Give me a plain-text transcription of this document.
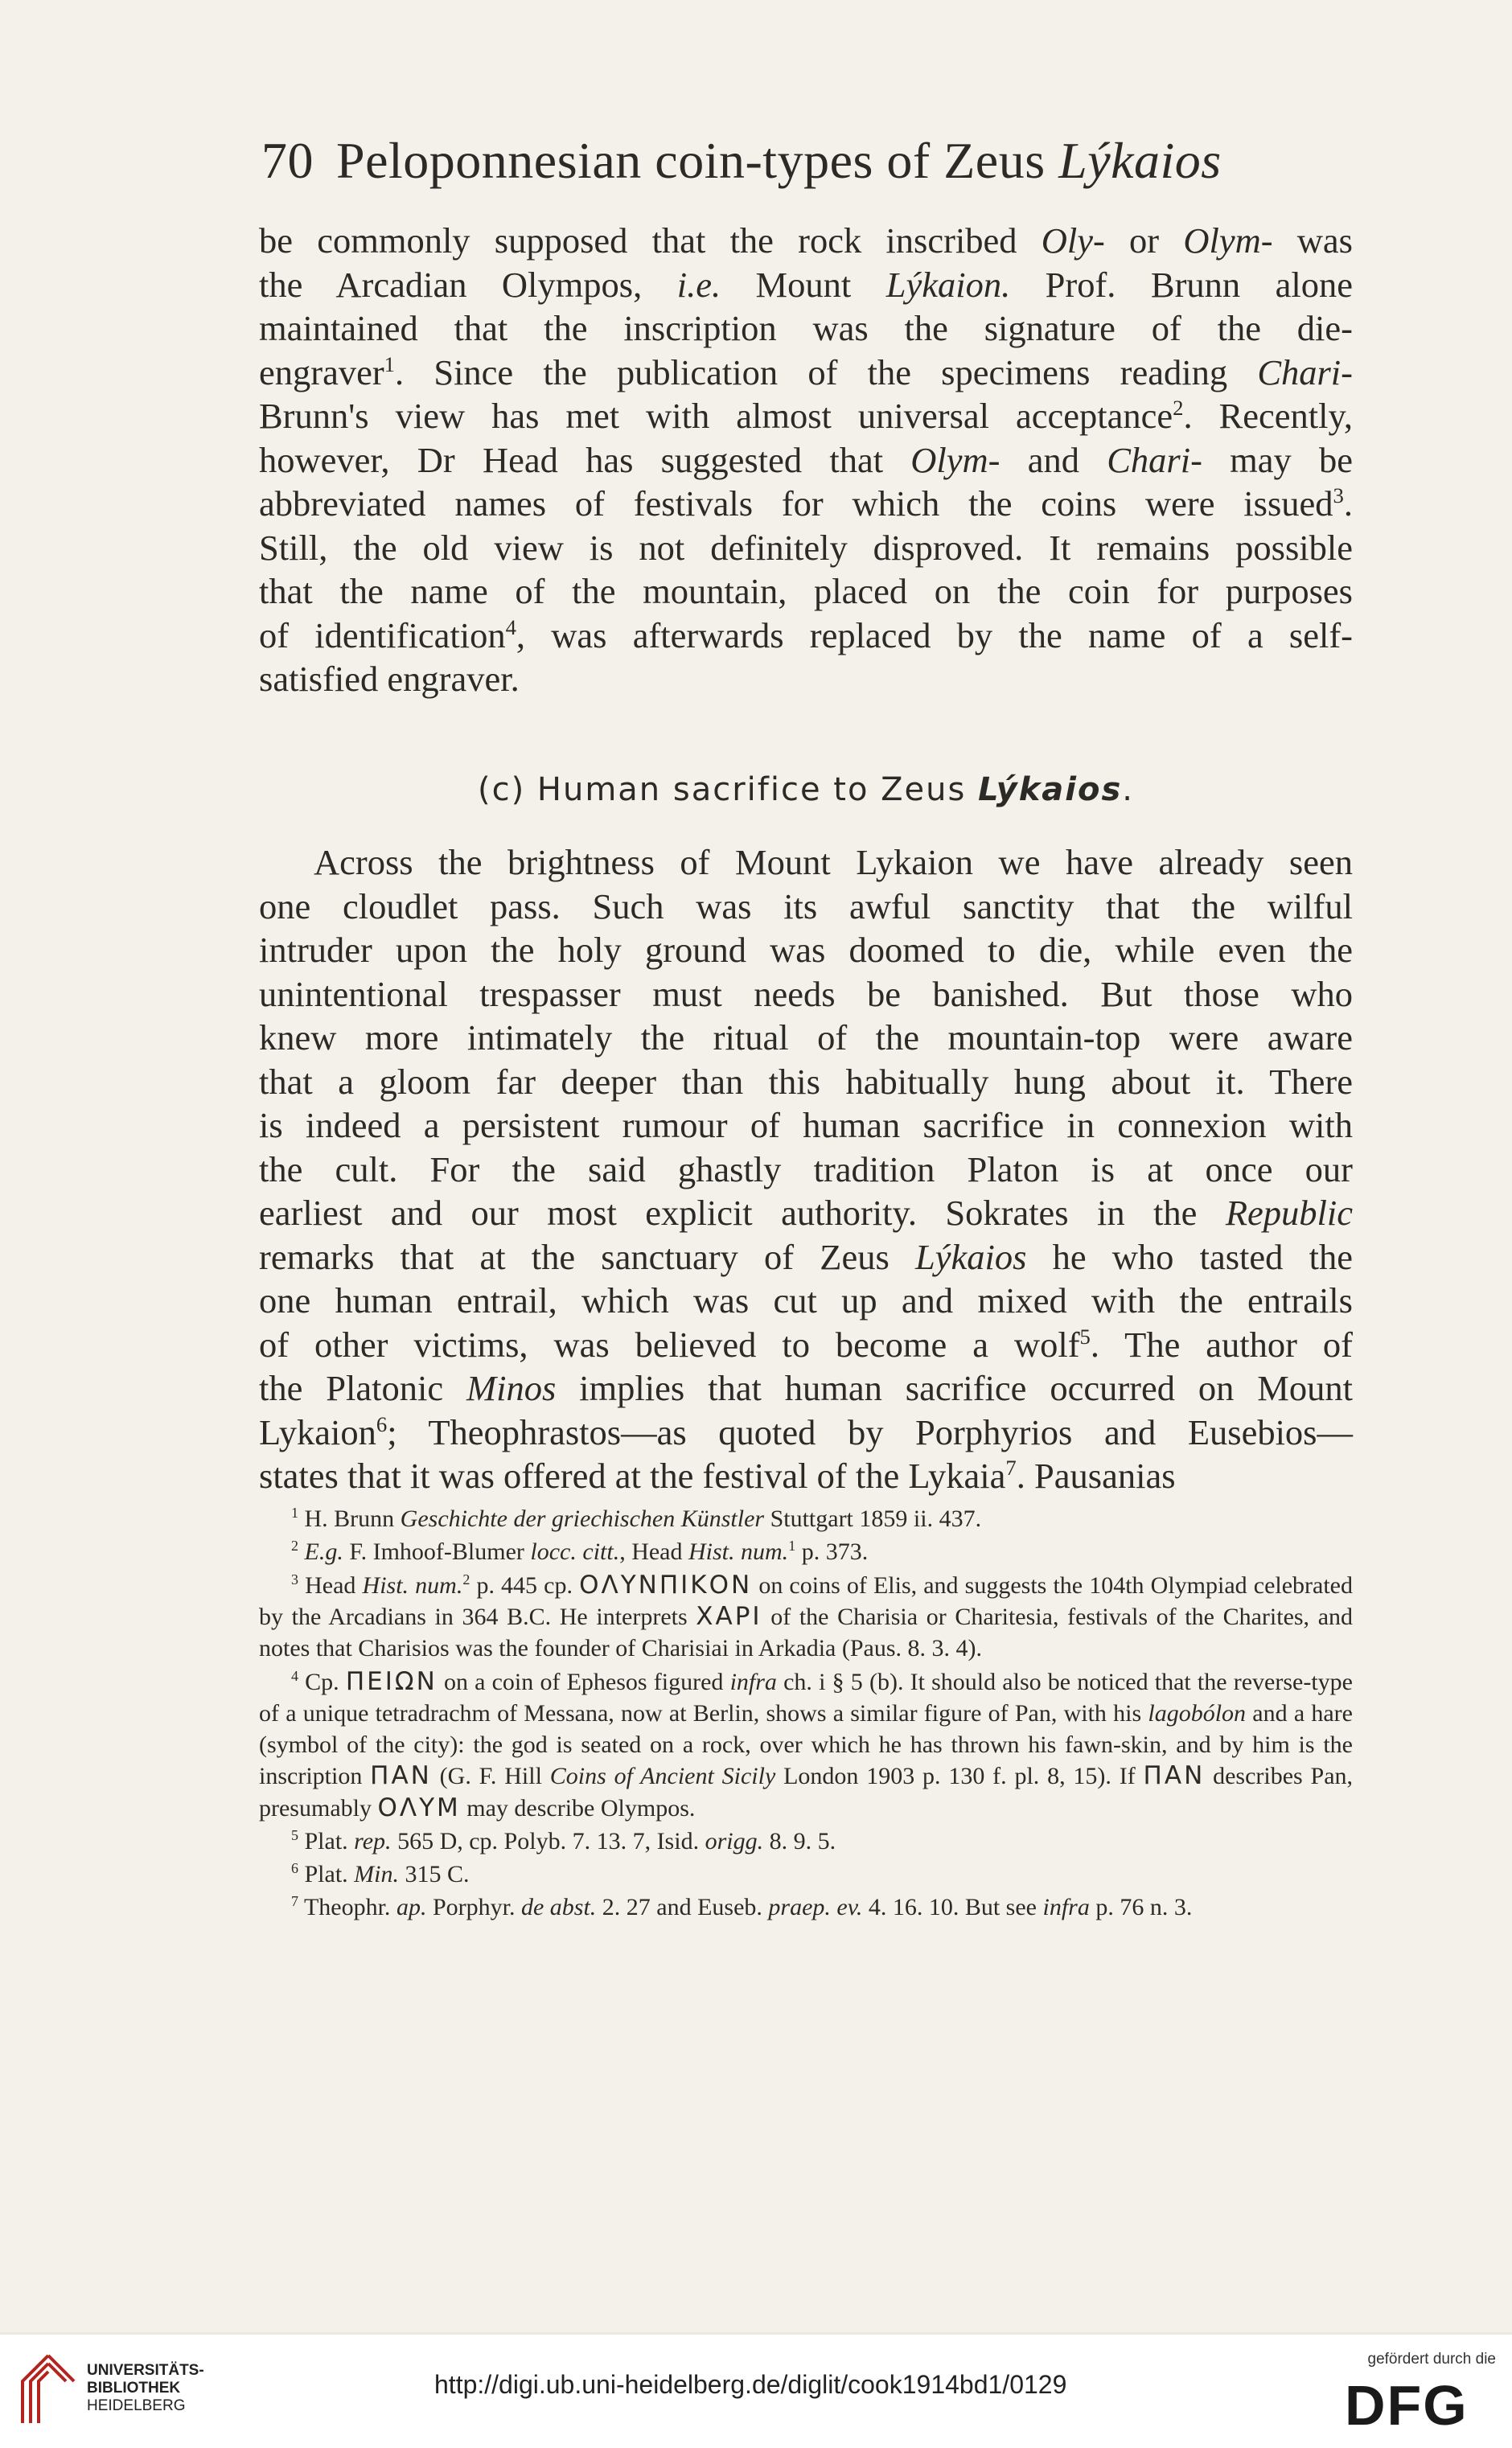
70 Peloponnesian coin-types of Zeus Lýkaios

be commonly supposed that the rock inscribed Oly- or Olym- was

the Arcadian Olympos, i.e. Mount Lýkaion. Prof. Brunn alone

maintained that the inscription was the signature of the die-

engraver$^1$. Since the publication of the specimens reading Chari-

Brunn's view has met with almost universal acceptance$^2$. Recently,

however, Dr Head has suggested that Olym- and Chari- may be

abbreviated names of festivals for which the coins were issued$^3$.

Still, the old view is not definitely disproved. It remains possible

that the name of the mountain, placed on the coin for purposes

of identification$^4$, was afterwards replaced by the name of a self-

satisfied engraver.

(c) Human sacrifice to Zeus Lýkaios.

Across the brightness of Mount Lykaion we have already seen

one cloudlet pass. Such was its awful sanctity that the wilful

intruder upon the holy ground was doomed to die, while even the

unintentional trespasser must needs be banished. But those who

knew more intimately the ritual of the mountain-top were aware

that a gloom far deeper than this habitually hung about it. There

is indeed a persistent rumour of human sacrifice in connexion with

the cult. For the said ghastly tradition Platon is at once our

earliest and our most explicit authority. Sokrates in the Republic

remarks that at the sanctuary of Zeus Lýkaios he who tasted the

one human entrail, which was cut up and mixed with the entrails

of other victims, was believed to become a wolf$^5$. The author of

the Platonic Minos implies that human sacrifice occurred on Mount

Lykaion$^6$; Theophrastos—as quoted by Porphyrios and Eusebios—

states that it was offered at the festival of the Lykaia$^7$. Pausanias

$^1$ H. Brunn Geschichte der griechischen Künstler Stuttgart 1859 ii. 437.

$^2$ E.g. F. Imhoof-Blumer locc. citt., Head Hist. num.$^1$ p. 373.

$^3$ Head Hist. num.$^2$ p. 445 cp. ΟΛΥΝΠΙΚΟΝ on coins of Elis, and suggests the 104th Olympiad celebrated by the Arcadians in 364 B.C. He interprets ΧΑΡΙ of the Charisia or Charitesia, festivals of the Charites, and notes that Charisios was the founder of Charisiai in Arkadia (Paus. 8. 3. 4).

$^4$ Cp. ΠΕΙΩΝ on a coin of Ephesos figured infra ch. i § 5 (b). It should also be noticed that the reverse-type of a unique tetradrachm of Messana, now at Berlin, shows a similar figure of Pan, with his lagobólon and a hare (symbol of the city): the god is seated on a rock, over which he has thrown his fawn-skin, and by him is the inscription ΠΑΝ (G. F. Hill Coins of Ancient Sicily London 1903 p. 130 f. pl. 8, 15). If ΠΑΝ describes Pan, presumably ΟΛΥΜ may describe Olympos.

$^5$ Plat. rep. 565 D, cp. Polyb. 7. 13. 7, Isid. origg. 8. 9. 5.

$^6$ Plat. Min. 315 C.

$^7$ Theophr. ap. Porphyr. de abst. 2. 27 and Euseb. praep. ev. 4. 16. 10. But see infra p. 76 n. 3.

UNIVERSITÄTS-
BIBLIOTHEK
HEIDELBERG
http://digi.ub.uni-heidelberg.de/diglit/cook1914bd1/0129
gefördert durch die
DFG
